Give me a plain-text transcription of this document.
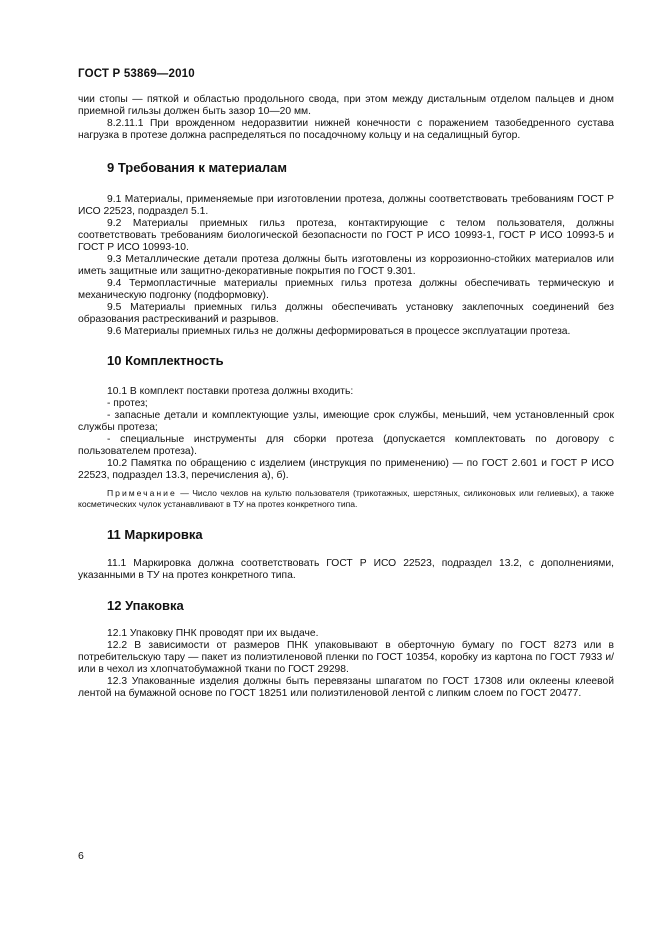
ГОСТ Р 53869—2010

чии стопы — пяткой и областью продольного свода, при этом между дистальным отделом пальцев и дном приемной гильзы должен быть зазор 10—20 мм.

8.2.11.1 При врожденном недоразвитии нижней конечности с поражением тазобедренного сустава нагрузка в протезе должна распределяться по посадочному кольцу и на седалищный бугор.

9 Требования к материалам

9.1 Материалы, применяемые при изготовлении протеза, должны соответствовать требованиям ГОСТ Р ИСО 22523, подраздел 5.1.

9.2 Материалы приемных гильз протеза, контактирующие с телом пользователя, должны соответствовать требованиям биологической безопасности по ГОСТ Р ИСО 10993-1, ГОСТ Р ИСО 10993-5 и ГОСТ Р ИСО 10993-10.

9.3 Металлические детали протеза должны быть изготовлены из коррозионно-стойких материалов или иметь защитные или защитно-декоративные покрытия по ГОСТ 9.301.

9.4 Термопластичные материалы приемных гильз протеза должны обеспечивать термическую и механическую подгонку (подформовку).

9.5 Материалы приемных гильз должны обеспечивать установку заклепочных соединений без образования растрескиваний и разрывов.

9.6 Материалы приемных гильз не должны деформироваться в процессе эксплуатации протеза.

10 Комплектность

10.1 В комплект поставки протеза должны входить:

- протез;

- запасные детали и комплектующие узлы, имеющие срок службы, меньший, чем установленный срок службы протеза;

- специальные инструменты для сборки протеза (допускается комплектовать по договору с пользователем протеза).

10.2 Памятка по обращению с изделием (инструкция по применению) — по ГОСТ 2.601 и ГОСТ Р ИСО 22523, подраздел 13.3, перечисления а), б).

Примечание — Число чехлов на культю пользователя (трикотажных, шерстяных, силиконовых или гелиевых), а также косметических чулок устанавливают в ТУ на протез конкретного типа.

11 Маркировка

11.1 Маркировка должна соответствовать ГОСТ Р ИСО 22523, подраздел 13.2, с дополнениями, указанными в ТУ на протез конкретного типа.

12 Упаковка

12.1 Упаковку ПНК проводят при их выдаче.

12.2 В зависимости от размеров ПНК упаковывают в оберточную бумагу по ГОСТ 8273 или в потребительскую тару — пакет из полиэтиленовой пленки по ГОСТ 10354, коробку из картона по ГОСТ 7933 и/или в чехол из хлопчатобумажной ткани по ГОСТ 29298.

12.3 Упакованные изделия должны быть перевязаны шпагатом по ГОСТ 17308 или оклеены клеевой лентой на бумажной основе по ГОСТ 18251 или полиэтиленовой лентой с липким слоем по ГОСТ 20477.

6
